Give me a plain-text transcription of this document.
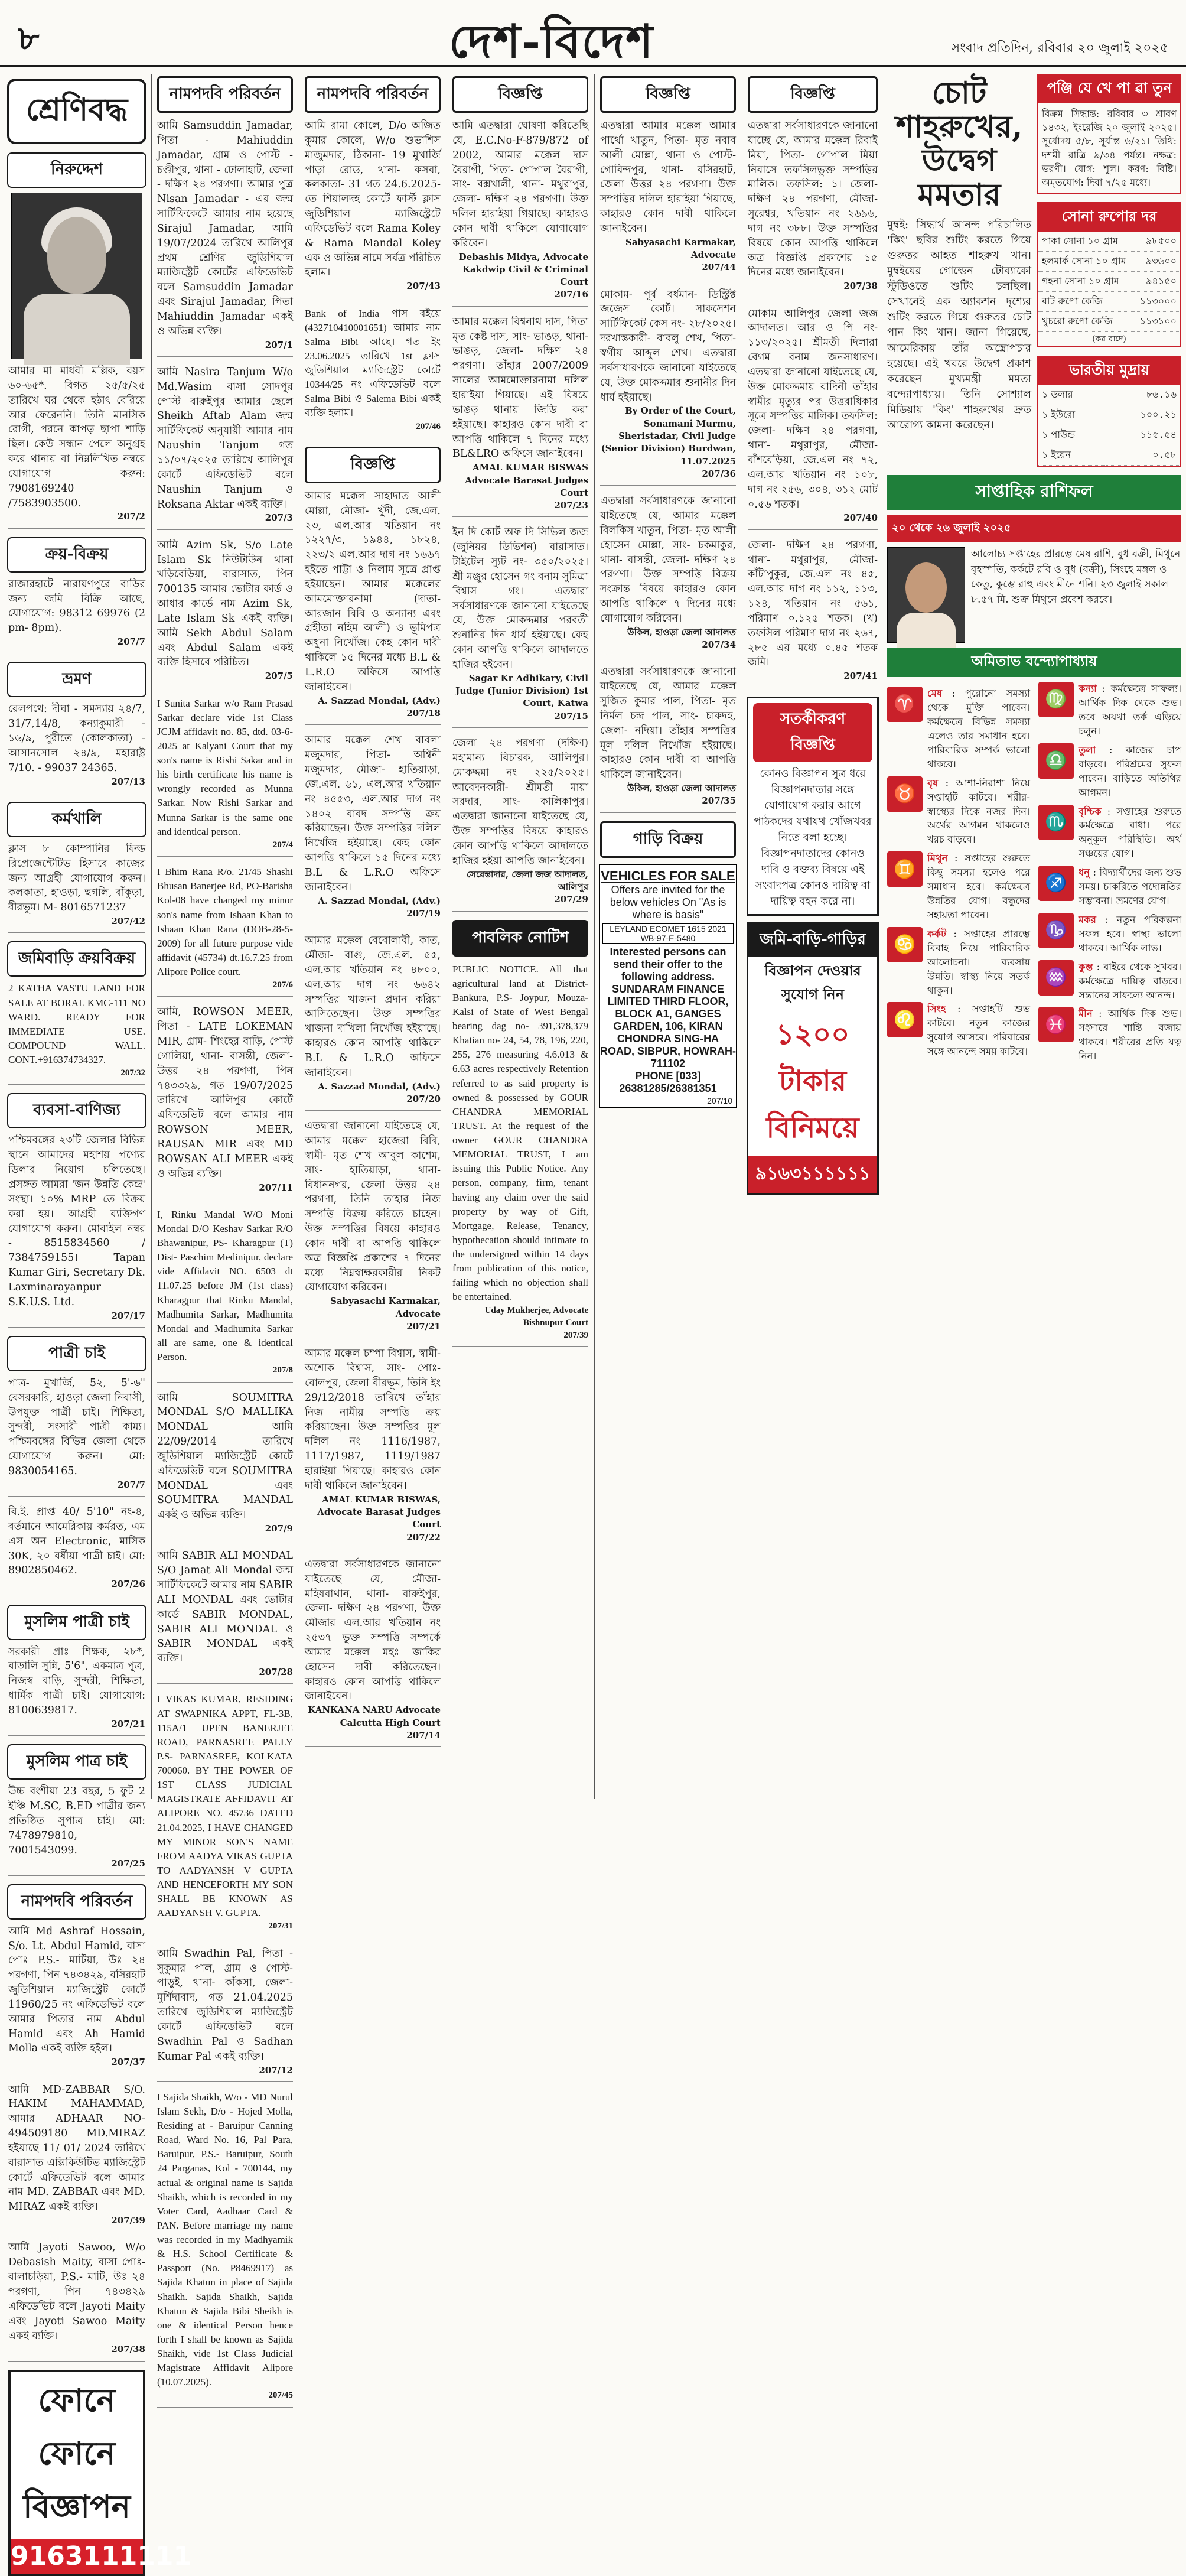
৮	দেশ-বিদেশ	সংবাদ প্রতিদিন, রবিবার ২০ জুলাই ২০২৫
শ্রেণিবদ্ধ
নিরুদ্দেশ
আমার মা মাধবী মল্লিক, বয়স ৬০-৬৫*. বিগত ২৫/৫/২৫ তারিখে ঘর থেকে হঠাৎ বেরিয়ে আর ফেরেননি। তিনি মানসিক রোগী, পরনে কাপড় ছাপা শাড়ি ছিল। কেউ সন্ধান পেলে অনুগ্রহ করে থানায় বা নিম্নলিখিত নম্বরে যোগাযোগ করুন: 7908169240 /7583903500.
207/2
ক্রয়-বিক্রয়
রাজারহাটে নারায়ণপুরে বাড়ির জন্য জমি বিক্রি আছে, যোগাযোগ: 98312 69976 (2 pm- 8pm).
207/7
ভ্রমণ
রেলপথে: দীঘা - সমস্যায় ২৪/7, 31/7,14/8, কন্যাকুমারী - ১৬/৯, পুরীতে (কোলকাতা) - আসানসোল ২৪/৯, মহারাষ্ট্র 7/10. - 99037 24365.
207/13
কর্মখালি
ক্লাস ৮ কোম্পানির ফিল্ড রিপ্রেজেন্টেটিভ হিসাবে কাজের জন্য আগ্রহী যোগাযোগ করুন। কলকাতা, হাওড়া, হুগলি, বাঁকুড়া, বীরভূম। M- 8016571237
207/42
জমিবাড়ি ক্রয়বিক্রয়
2 KATHA VASTU LAND FOR SALE AT BORAL KMC-111 NO WARD. READY FOR IMMEDIATE USE. COMPOUND WALL. CONT.+916374734327.
207/32
ব্যবসা-বাণিজ্য
পশ্চিমবঙ্গের ২৩টি জেলার বিভিন্ন স্থানে আমাদের মহাশয় পণ্যের ডিলার নিয়োগ চলিতেছে। প্রসঙ্গত আমরা 'জন উন্নতি কেন্দ্র' সংস্থা। ১০% MRP তে বিক্রয় করা হয়। আগ্রহী ব্যক্তিগণ যোগাযোগ করুন। মোবাইল নম্বর - 8515834560 / 7384759155। Tapan Kumar Giri, Secretary Dk. Laxminarayanpur S.K.U.S. Ltd.
207/17
পাত্রী চাই
পাত্র- মুখার্জি, 5২, 5'-৬" বেসরকারি, হাওড়া জেলা নিবাসী, উপযুক্ত পাত্রী চাই। শিক্ষিতা, সুন্দরী, সংসারী পাত্রী কাম্য। পশ্চিমবঙ্গের বিভিন্ন জেলা থেকে যোগাযোগ করুন। মো: 9830054165.
207/7
বি.ই. প্রাপ্ত 40/ 5'10" নং-৪, বর্তমানে আমেরিকায় কর্মরত, এম এস অন Electronic, মাসিক 30K, ২০ বর্ষীয়া পাত্রী চাই। মো: 8902850462.
207/26
মুসলিম পাত্রী চাই
সরকারী প্রাঃ শিক্ষক, ২৮*, বাড়ালি সুন্নি, 5'6", একমাত্র পুত্র, নিজস্ব বাড়ি, সুন্দরী, শিক্ষিতা, ধার্মিক পাত্রী চাই। যোগাযোগ: 8100639817.
207/21
মুসলিম পাত্র চাই
উচ্চ বংশীয়া 23 বছর, 5 ফুট 2 ইঞ্চি M.SC, B.ED পাত্রীর জন্য প্রতিষ্ঠিত সুপাত্র চাই। মো: 7478979810, 7001543099.
207/25
নামপদবি পরিবর্তন
আমি Md Ashraf Hossain, S/o. Lt. Abdul Hamid, বাসা পোঃ P.S.- মাটিয়া, উঃ ২৪ পরগণা, পিন ৭৪৩৪২৯, বসিরহাট জুডিশিয়াল ম্যাজিস্ট্রেট কোর্টে 11960/25 নং এফিডেভিট বলে আমার পিতার নাম Abdul Hamid এবং Ah Hamid Molla একই ব্যক্তি হইল।
207/37
আমি MD-ZABBAR S/O. HAKIM MAHAMMAD, আমার ADHAAR NO- 494509180 MD.MIRAZ হইয়াছে 11/ 01/ 2024 তারিখে বারাসাত এক্সিকিউটিভ ম্যাজিস্ট্রেট কোর্টে এফিডেভিট বলে আমার নাম MD. ZABBAR এবং MD. MIRAZ একই ব্যক্তি।
207/39
আমি Jayoti Sawoo, W/o Debasish Maity, বাসা পোঃ- বালাচড়িয়া, P.S.- মাটি, উঃ ২৪ পরগণা, পিন ৭৪৩৪২৯ এফিডেভিট বলে Jayoti Maity এবং Jayoti Sawoo Maity একই ব্যক্তি।
207/38
ফোনে ফোনে বিজ্ঞাপন
9163111111
নামপদবি পরিবর্তন
আমি Samsuddin Jamadar, পিতা - Mahiuddin Jamadar, গ্রাম ও পোস্ট - চণ্ডীপুর, থানা - ঢোলাহাট, জেলা - দক্ষিণ ২৪ পরগণা। আমার পুত্র Nisan Jamadar - এর জন্ম সার্টিফিকেটে আমার নাম হয়েছে Sirajul Jamadar, আমি 19/07/2024 তারিখে আলিপুর প্রথম শ্রেণির জুডিশিয়াল ম্যাজিস্ট্রেট কোর্টের এফিডেভিট বলে Samsuddin Jamadar এবং Sirajul Jamadar, পিতা Mahiuddin Jamadar একই ও অভিন্ন ব্যক্তি।
207/1
আমি Nasira Tanjum W/o Md.Wasim বাসা সোদপুর পোস্ট বারুইপুর আমার ছেলে Sheikh Aftab Alam জন্ম সার্টিফিকেট অনুযায়ী আমার নাম Naushin Tanjum গত ১১/০৭/২০২৫ তারিখে আলিপুর কোর্টে এফিডেভিট বলে Naushin Tanjum ও Roksana Aktar একই ব্যক্তি।
207/3
আমি Azim Sk, S/o Late Islam Sk নিউটাউন থানা খড়িবেড়িয়া, বারাসাত, পিন 700135 আমার ভোটার কার্ড ও আধার কার্ডে নাম Azim Sk, Late Islam Sk একই ব্যক্তি। আমি Sekh Abdul Salam এবং Abdul Salam একই ব্যক্তি হিসাবে পরিচিত।
207/5
I Sunita Sarkar w/o Ram Prasad Sarkar declare vide 1st Class JCJM affidavit no. 85, dtd. 03-6-2025 at Kalyani Court that my son's name is Rishi Sakar and in his birth certificate his name is wrongly recorded as Munna Sarkar. Now Rishi Sarkar and Munna Sarkar is the same one and identical person.
207/4
I Bhim Rana R/o. 21/45 Shashi Bhusan Banerjee Rd, PO-Barisha Kol-08 have changed my minor son's name from Ishaan Khan to Ishaan Khan Rana (DOB-28-5-2009) for all future purpose vide affidavit (45734) dt.16.7.25 from Alipore Police court.
207/6
আমি, ROWSON MEER, পিতা - LATE LOKEMAN MIR, গ্রাম- শিংহের বাড়ি, পোস্ট গোলিয়া, থানা- বাসন্তী, জেলা- উত্তর ২৪ পরগণা, পিন ৭৪৩৩২৯, গত 19/07/2025 তারিখে আলিপুর কোর্টে এফিডেভিট বলে আমার নাম ROWSON MEER, RAUSAN MIR এবং MD ROWSAN ALI MEER একই ও অভিন্ন ব্যক্তি।
207/11
I, Rinku Mandal W/O Moni Mondal D/O Keshav Sarkar R/O Bhawanipur, PS- Kharagpur (T) Dist- Paschim Medinipur, declare vide Affidavit NO. 6503 dt 11.07.25 before JM (1st class) Kharagpur that Rinku Mandal, Madhumita Sarkar, Madhumita Mondal and Madhumita Sarkar all are same, one & identical Person.
207/8
আমি SOUMITRA MONDAL S/O MALLIKA MONDAL আমি 22/09/2014 তারিখে জুডিশিয়াল ম্যাজিস্ট্রেট কোর্টে এফিডেভিট বলে SOUMITRA MONDAL এবং SOUMITRA MANDAL একই ও অভিন্ন ব্যক্তি।
207/9
আমি SABIR ALI MONDAL S/O Jamat Ali Mondal জন্ম সার্টিফিকেটে আমার নাম SABIR ALI MONDAL এবং ভোটার কার্ডে SABIR MONDAL, SABIR ALI MONDAL ও SABIR MONDAL একই ব্যক্তি।
207/28
I VIKAS KUMAR, RESIDING AT SWAPNIKA APPT, FL-3B, 115A/1 UPEN BANERJEE ROAD, PARNASREE PALLY P.S- PARNASREE, KOLKATA 700060. BY THE POWER OF 1ST CLASS JUDICIAL MAGISTRATE AFFIDAVIT AT ALIPORE NO. 45736 DATED 21.04.2025, I HAVE CHANGED MY MINOR SON'S NAME FROM AADYA VIKAS GUPTA TO AADYANSH V GUPTA AND HENCEFORTH MY SON SHALL BE KNOWN AS AADYANSH V. GUPTA.
207/31
আমি Swadhin Pal, পিতা - সুকুমার পাল, গ্রাম ও পোস্ট- পাড়ুই, থানা- কাঁকসা, জেলা- মুর্শিদাবাদ, গত 21.04.2025 তারিখে জুডিশিয়াল ম্যাজিস্ট্রেট কোর্টে এফিডেভিট বলে Swadhin Pal ও Sadhan Kumar Pal একই ব্যক্তি।
207/12
I Sajida Shaikh, W/o - MD Nurul Islam Sekh, D/o - Hojed Molla, Residing at - Baruipur Canning Road, Ward No. 16, Pal Para, Baruipur, P.S.- Baruipur, South 24 Parganas, Kol - 700144, my actual & original name is Sajida Shaikh, which is recorded in my Voter Card, Aadhaar Card & PAN. Before marriage my name was recorded in my Madhyamik & H.S. School Certificate & Passport (No. P8469917) as Sajida Khatun in place of Sajida Shaikh. Sajida Shaikh, Sajida Khatun & Sajida Bibi Sheikh is one & identical Person hence forth I shall be known as Sajida Shaikh, vide 1st Class Judicial Magistrate Affidavit Alipore (10.07.2025).
207/45
নামপদবি পরিবর্তন
আমি রামা কোলে, D/o অজিত কুমার কোলে, W/o শুভাশিস মাজুমদার, ঠিকানা- 19 মুখার্জি পাড়া রোড, থানা- কসবা, কলকাতা- 31 গত 24.6.2025-তে শিয়ালদহ কোর্টে ফার্স্ট ক্লাস জুডিশিয়াল ম্যাজিস্ট্রেটে এফিডেভিট বলে Rama Koley & Rama Mandal Koley এক ও অভিন্ন নামে সর্বত্র পরিচিত হলাম।
207/43
Bank of India পাস বইয়ে (432710410001651) আমার নাম Salma Bibi আছে। গত ইং 23.06.2025 তারিখে 1st ক্লাস জুডিশিয়াল ম্যাজিস্ট্রেট কোর্টে 10344/25 নং এফিডেভিট বলে Salma Bibi ও Salema Bibi একই ব্যক্তি হলাম।
207/46
বিজ্ঞপ্তি
আমার মক্কেল সাহাদাত আলী মোল্লা, মৌজা- খুঁদী, জে.এল. ২৩, এল.আর খতিয়ান নং ১২২৭/৩, ১৯৪৪, ১৮২৪, ২২৩/২ এল.আর দাগ নং ১৬৬৭ হইতে পাট্টা ও নিলাম সূত্রে প্রাপ্ত হইয়াছেন। আমার মক্কেলের আমমোক্তারনামা (দাতা- আরজান বিবি ও অন্যান্য এবং গ্রহীতা নহিম আলী) ও ভূমিপত্র অধুনা নিখোঁজ। কেহ কোন দাবী থাকিলে ১৫ দিনের মধ্যে B.L & L.R.O অফিসে আপত্তি জানাইবেন।
A. Sazzad Mondal, (Adv.)
207/18
আমার মক্কেল শেখ বাবলা মজুমদার, পিতা- অশ্বিনী মজুমদার, মৌজা- হাতিয়াড়া, জে.এল. ৬১, এল.আর খতিয়ান নং ৪৫৫৩, এল.আর দাগ নং ১৪০২ বাবদ সম্পত্তি ক্রয় করিয়াছেন। উক্ত সম্পত্তির দলিল নিখোঁজ হইয়াছে। কেহ কোন আপত্তি থাকিলে ১৫ দিনের মধ্যে B.L & L.R.O অফিসে জানাইবেন।
A. Sazzad Mondal, (Adv.)
207/19
আমার মক্কেল বেবোলাবী, কাত, মৌজা- বাগু, জে.এল. ৫৫, এল.আর খতিয়ান নং ৪৮০০, এল.আর দাগ নং ৬৬৪২ সম্পত্তির খাজনা প্রদান করিয়া আসিতেছেন। উক্ত সম্পত্তির খাজনা দাখিলা নিখোঁজ হইয়াছে। কাহারও কোন আপত্তি থাকিলে B.L & L.R.O অফিসে জানাইবেন।
A. Sazzad Mondal, (Adv.)
207/20
এতদ্বারা জানানো যাইতেছে যে, আমার মক্কেল হাজেরা বিবি, স্বামী- মৃত শেখ আবুল কাশেম, সাং- হাতিয়াড়া, থানা- বিধাননগর, জেলা উত্তর ২৪ পরগণা, তিনি তাহার নিজ সম্পত্তি বিক্রয় করিতে চাহেন। উক্ত সম্পত্তির বিষয়ে কাহারও কোন দাবী বা আপত্তি থাকিলে অত্র বিজ্ঞপ্তি প্রকাশের ৭ দিনের মধ্যে নিম্নস্বাক্ষরকারীর নিকট যোগাযোগ করিবেন।
Sabyasachi Karmakar, Advocate
207/21
আমার মক্কেল চম্পা বিশ্বাস, স্বামী- অশোক বিশ্বাস, সাং- পোঃ- বোলপুর, জেলা বীরভূম, তিনি ইং 29/12/2018 তারিখে তাঁহার নিজ নামীয় সম্পত্তি ক্রয় করিয়াছেন। উক্ত সম্পত্তির মূল দলিল নং 1116/1987, 1117/1987, 1119/1987 হারাইয়া গিয়াছে। কাহারও কোন দাবী থাকিলে জানাইবেন।
AMAL KUMAR BISWAS, Advocate Barasat Judges Court
207/22
এতদ্বারা সর্বসাধারণকে জানানো যাইতেছে যে, মৌজা- মহিষবাথান, থানা- বারুইপুর, জেলা- দক্ষিণ ২৪ পরগণা, উক্ত মৌজার এল.আর খতিয়ান নং ২৫৩৭ ভুক্ত সম্পত্তি সম্পর্কে আমার মক্কেল মহঃ জাকির হোসেন দাবী করিতেছেন। কাহারও কোন আপত্তি থাকিলে জানাইবেন।
KANKANA NARU Advocate Calcutta High Court
207/14
বিজ্ঞপ্তি
আমি এতদ্বারা ঘোষণা করিতেছি যে, E.C.No-F-879/872 of 2002, আমার মক্কেল দাস বৈরাগী, পিতা- গোপাল বৈরাগী, সাং- বক্সখালী, থানা- মথুরাপুর, জেলা- দক্ষিণ ২৪ পরগণা। উক্ত দলিল হারাইয়া গিয়াছে। কাহারও কোন দাবী থাকিলে যোগাযোগ করিবেন।
Debashis Midya, Advocate Kakdwip Civil & Criminal Court
207/16
আমার মক্কেল বিশ্বনাথ দাস, পিতা মৃত কেষ্ট দাস, সাং- ভাঙড়, থানা- ভাঙড়, জেলা- দক্ষিণ ২৪ পরগণা। তাঁহার 2007/2009 সালের আমমোক্তারনামা দলিল হারাইয়া গিয়াছে। এই বিষয়ে ভাঙড় থানায় জিডি করা হইয়াছে। কাহারও কোন দাবী বা আপত্তি থাকিলে ৭ দিনের মধ্যে BL&LRO অফিসে জানাইবেন।
AMAL KUMAR BISWAS Advocate Barasat Judges Court
207/23
ইন দি কোর্ট অফ দি সিভিল জজ (জুনিয়র ডিভিশন) বারাসাত। টাইটেল স্যুট নং- ৩৫০/২০২৫। শ্রী মঞ্জুর হোসেন গং বনাম সুমিত্রা বিশ্বাস গং। এতদ্বারা সর্বসাধারণকে জানানো যাইতেছে যে, উক্ত মোকদ্দমার পরবর্তী শুনানির দিন ধার্য হইয়াছে। কেহ কোন আপত্তি থাকিলে আদালতে হাজির হইবেন।
Sagar Kr Adhikary, Civil Judge (Junior Division) 1st Court, Katwa
207/15
জেলা ২৪ পরগণা (দক্ষিণ) মহামান্য বিচারক, আলিপুর। মোকদ্দমা নং ২২৫/২০২৫। আবেদনকারী- শ্রীমতী মায়া সরদার, সাং- কালিকাপুর। এতদ্বারা জানানো যাইতেছে যে, উক্ত সম্পত্তির বিষয়ে কাহারও কোন আপত্তি থাকিলে আদালতে হাজির হইয়া আপত্তি জানাইবেন।
সেরেস্তাদার, জেলা জজ আদালত, আলিপুর
207/29
পাবলিক নোটিশ
PUBLIC NOTICE. All that agricultural land at District- Bankura, P.S- Joypur, Mouza- Kalsi of State of West Bengal bearing dag no- 391,378,379 Khatian no- 24, 54, 78, 196, 220, 255, 276 measuring 4.6.013 & 6.63 acres respectively Retention referred to as said property is owned & possessed by GOUR CHANDRA MEMORIAL TRUST. At the request of the owner GOUR CHANDRA MEMORIAL TRUST, I am issuing this Public Notice. Any person, company, firm, tenant having any claim over the said property by way of Gift, Mortgage, Release, Tenancy, hypothecation should intimate to the undersigned within 14 days from publication of this notice, failing which no objection shall be entertained.
Uday Mukherjee, Advocate Bishnupur Court
207/39
বিজ্ঞপ্তি
এতদ্বারা আমার মক্কেল আমার পার্থো খাতুন, পিতা- মৃত নবাব আলী মোল্লা, থানা ও পোস্ট- গোবিন্দপুর, থানা- বসিরহাট, জেলা উত্তর ২৪ পরগণা। উক্ত সম্পত্তির দলিল হারাইয়া গিয়াছে, কাহারও কোন দাবী থাকিলে জানাইবেন।
Sabyasachi Karmakar, Advocate
207/44
মোকাম- পূর্ব বর্ধমান- ডিস্ট্রিক্ট জজেস কোর্ট। সাকসেশন সার্টিফিকেট কেস নং- ২৮/২০২৫। দরখাস্তকারী- বাবলু শেখ, পিতা- স্বর্গীয় আব্দুল শেখ। এতদ্বারা সর্বসাধারণকে জানানো যাইতেছে যে, উক্ত মোকদ্দমার শুনানীর দিন ধার্য হইয়াছে।
By Order of the Court, Sonamani Murmu, Sheristadar, Civil Judge (Senior Division) Burdwan, 11.07.2025
207/36
এতদ্বারা সর্বসাধারণকে জানানো যাইতেছে যে, আমার মক্কেল বিলকিস খাতুন, পিতা- মৃত আলী হোসেন মোল্লা, সাং- চকমাকুর, থানা- বাসন্তী, জেলা- দক্ষিণ ২৪ পরগণা। উক্ত সম্পত্তি বিক্রয় সংক্রান্ত বিষয়ে কাহারও কোন আপত্তি থাকিলে ৭ দিনের মধ্যে যোগাযোগ করিবেন।
উকিল, হাওড়া জেলা আদালত
207/34
এতদ্বারা সর্বসাধারণকে জানানো যাইতেছে যে, আমার মক্কেল সুজিত কুমার পাল, পিতা- মৃত নির্মল চন্দ্র পাল, সাং- চাকদহ, জেলা- নদিয়া। তাঁহার সম্পত্তির মূল দলিল নিখোঁজ হইয়াছে। কাহারও কোন দাবী বা আপত্তি থাকিলে জানাইবেন।
উকিল, হাওড়া জেলা আদালত
207/35
গাড়ি বিক্রয়
VEHICLES FOR SALE
Offers are invited for the below vehicles On "As is where is basis"
LEYLAND ECOMET 1615 2021 WB-97-E-5480
Interested persons can send their offer to the following address.
SUNDARAM FINANCE LIMITED THIRD FLOOR, BLOCK A1, GANGES GARDEN, 106, KIRAN CHONDRA SING-HA ROAD, SIBPUR, HOWRAH-711102
PHONE [033] 26381285/26381351
207/10
বিজ্ঞপ্তি
এতদ্বারা সর্বসাধারণকে জানানো যাচ্ছে যে, আমার মক্কেল রিবাই মিয়া, পিতা- গোপাল মিয়া নিবাসে তফসিলভুক্ত সম্পত্তির মালিক। তফসিল: ১। জেলা- দক্ষিণ ২৪ পরগণা, মৌজা- সুরেশ্বর, খতিয়ান নং ২৬৯৬, দাগ নং ৩৮৮। উক্ত সম্পত্তির বিষয়ে কোন আপত্তি থাকিলে অত্র বিজ্ঞপ্তি প্রকাশের ১৫ দিনের মধ্যে জানাইবেন।
207/38
মোকাম আলিপুর জেলা জজ আদালত। আর ও পি নং- ১১৩/২০২৫। শ্রীমতী দিলারা বেগম বনাম জনসাধারণ। এতদ্বারা জানানো যাইতেছে যে, উক্ত মোকদ্দমায় বাদিনী তাঁহার স্বামীর মৃত্যুর পর উত্তরাধিকার সূত্রে সম্পত্তির মালিক। তফসিল: জেলা- দক্ষিণ ২৪ পরগণা, থানা- মথুরাপুর, মৌজা- বাঁশবেড়িয়া, জে.এল নং ৭২, এল.আর খতিয়ান নং ১০৮, দাগ নং ২৫৬, ৩০৪, ৩১২ মোট ০.৫৬ শতক।
207/40
জেলা- দক্ষিণ ২৪ পরগণা, থানা- মথুরাপুর, মৌজা- কাঁটাপুকুর, জে.এল নং ৪৫, এল.আর দাগ নং ১১২, ১১৩, ১২৪, খতিয়ান নং ৫৬১, পরিমাণ ০.১২৫ শতক। (খ) তফসিল পরিমাণ দাগ নং ২৬৭, ২৮৫ এর মধ্যে ০.৪৫ শতক জমি।
207/41
সতর্কীকরণ বিজ্ঞপ্তি
কোনও বিজ্ঞাপন সুত্র ধরে বিজ্ঞাপনদাতার সঙ্গে যোগাযোগ করার আগে পাঠকদের যথাযথ খোঁজখবর নিতে বলা হচ্ছে। বিজ্ঞাপনদাতাদের কোনও দাবি ও বক্তব্য বিষয়ে এই সংবাদপত্র কোনও দায়িত্ব বা দায়িত্ব বহন করে না।
জমি-বাড়ি-গাড়ির
বিজ্ঞাপন দেওয়ার সুযোগ নিন
১২০০ টাকার বিনিময়ে
৯১৬৩১১১১১১
চোট শাহরুখের, উদ্বেগ মমতার
মুম্বই: সিদ্ধার্থ আনন্দ পরিচালিত 'কিং' ছবির শুটিং করতে গিয়ে গুরুতর আহত শাহরুখ খান। মুম্বইয়ের গোল্ডেন টোব্যাকো স্টুডিওতে শুটিং চলছিল। সেখানেই এক অ্যাকশন দৃশ্যের শুটিং করতে গিয়ে গুরুতর চোট পান কিং খান। জানা গিয়েছে, আমেরিকায় তাঁর অস্ত্রোপচার হয়েছে। এই খবরে উদ্বেগ প্রকাশ করেছেন মুখ্যমন্ত্রী মমতা বন্দ্যোপাধ্যায়। তিনি সোশ্যাল মিডিয়ায় 'কিং' শাহরুখের দ্রুত আরোগ্য কামনা করেছেন।
পঞ্জি যে খে পা ৱা তুন
বিক্রম সিদ্ধান্ত: রবিবার ৩ শ্রাবণ ১৪৩২, ইংরেজি ২০ জুলাই ২০২৫। সূর্যোদয় ৫/৮, সূর্যাস্ত ৬/২১। তিথি: দশমী রাত্রি ৯/৩৪ পর্যন্ত। নক্ষত্র: ভরণী। যোগ: শূল। করণ: বিষ্টি। অমৃতযোগ: দিবা ৭/২৫ মধ্যে।
সোনা রুপোর দর
পাকা সোনা ১০ গ্রাম	৯৮৫০০
হলমার্ক সোনা ১০ গ্রাম	৯৩৬০০
গহনা সোনা ১০ গ্রাম	৯৪১৫০
বাট রুপো কেজি	১১৩০০০
খুচরো রুপো কেজি	১১৩১০০
(কর বাদে)
ভারতীয় মুদ্রায়
১ ডলার	৮৬.১৬
১ ইউরো	১০০.২১
১ পাউন্ড	১১৫.৫৪
১ ইয়েন	০.৫৮
সাপ্তাহিক রাশিফল
২০ থেকে ২৬ জুলাই ২০২৫
আলোচ্য সপ্তাহের প্রারম্ভে মেষ রাশি, বুধ বক্রী, মিথুনে বৃহস্পতি, কর্কটে রবি ও বুধ (বক্রী), সিংহে মঙ্গল ও কেতু, কুম্ভে রাহু এবং মীনে শনি। ২৩ জুলাই সকাল ৮.৫৭ মি. শুক্র মিথুনে প্রবেশ করবে।
অমিতাভ বন্দ্যোপাধ্যায়
♈
মেষ : পুরোনো সমস্যা থেকে মুক্তি পাবেন। কর্মক্ষেত্রে বিভিন্ন সমস্যা এলেও তার সমাধান হবে। পারিবারিক সম্পর্ক ভালো থাকবে।
♉
বৃষ : আশা-নিরাশা নিয়ে সপ্তাহটি কাটবে। শরীর-স্বাস্থ্যের দিকে নজর দিন। অর্থের আগমন থাকলেও খরচ বাড়বে।
♊
মিথুন : সপ্তাহের শুরুতে কিছু সমস্যা হলেও পরে সমাধান হবে। কর্মক্ষেত্রে উন্নতির যোগ। বন্ধুদের সহায়তা পাবেন।
♋
কর্কট : সপ্তাহের প্রারম্ভে বিবাহ নিয়ে পারিবারিক আলোচনা। ব্যবসায় উন্নতি। স্বাস্থ্য নিয়ে সতর্ক থাকুন।
♌
সিংহ : সপ্তাহটি শুভ কাটবে। নতুন কাজের সুযোগ আসবে। পরিবারের সঙ্গে আনন্দে সময় কাটবে।
♍
কন্যা : কর্মক্ষেত্রে সাফল্য। আর্থিক দিক থেকে শুভ। তবে অযথা তর্ক এড়িয়ে চলুন।
♎
তুলা : কাজের চাপ বাড়বে। পরিশ্রমের সুফল পাবেন। বাড়িতে অতিথির আগমন।
♏
বৃশ্চিক : সপ্তাহের শুরুতে কর্মক্ষেত্রে বাধা। পরে অনুকূল পরিস্থিতি। অর্থ সঞ্চয়ের যোগ।
♐
ধনু : বিদ্যার্থীদের জন্য শুভ সময়। চাকরিতে পদোন্নতির সম্ভাবনা। ভ্রমণের যোগ।
♑
মকর : নতুন পরিকল্পনা সফল হবে। স্বাস্থ্য ভালো থাকবে। আর্থিক লাভ।
♒
কুম্ভ : বাইরে থেকে সুখবর। কর্মক্ষেত্রে দায়িত্ব বাড়বে। সন্তানের সাফল্যে আনন্দ।
♓
মীন : আর্থিক দিক শুভ। সংসারে শান্তি বজায় থাকবে। শরীরের প্রতি যত্ন নিন।
